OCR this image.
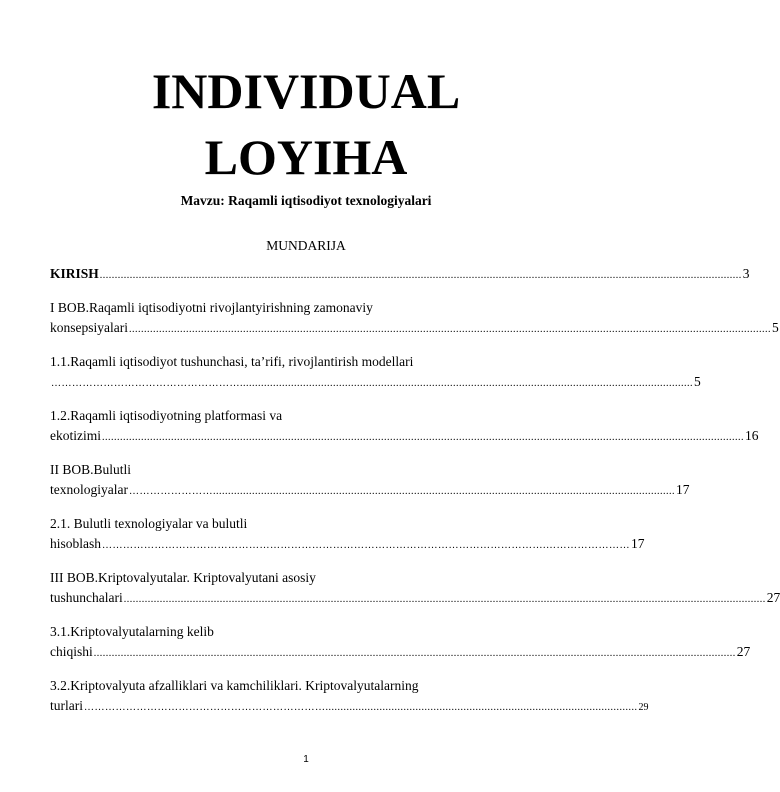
INDIVIDUAL
LOYIHA
Mavzu: Raqamli iqtisodiyot texnologiyalari
MUNDARIJA
KIRISH ...................................................................................................................................................................................................................... 3
I BOB.Raqamli iqtisodiyotni rivojlantyirishning zamonaviy
konsepsiyalari ...................................................................................................................................................................................................................... 5
1.1.Raqamli iqtisodiyot tushunchasi, ta’rifi, rivojlantirish modellari
………………………………………………....................................................................................................................................................... 5
1.2.Raqamli iqtisodiyotning platformasi va
ekotizimi ...................................................................................................................................................................................................................... 16
II BOB.Bulutli
texnologiyalar …………………….......................................................................................................................................................... 17
2.1. Bulutli texnologiyalar va bulutli
hisoblash ……………………………………………………………………………………………………………….…………………… 17
III BOB.Kriptovalyutalar. Kriptovalyutani asosiy
tushunchalari ...................................................................................................................................................................................................................... 27
3.1.Kriptovalyutalarning kelib
chiqishi ...................................................................................................................................................................................................................... 27
3.2.Kriptovalyuta afzalliklari va kamchiliklari. Kriptovalyutalarning
turlari ……………………………………………………………........................................................................................................ 29
1
